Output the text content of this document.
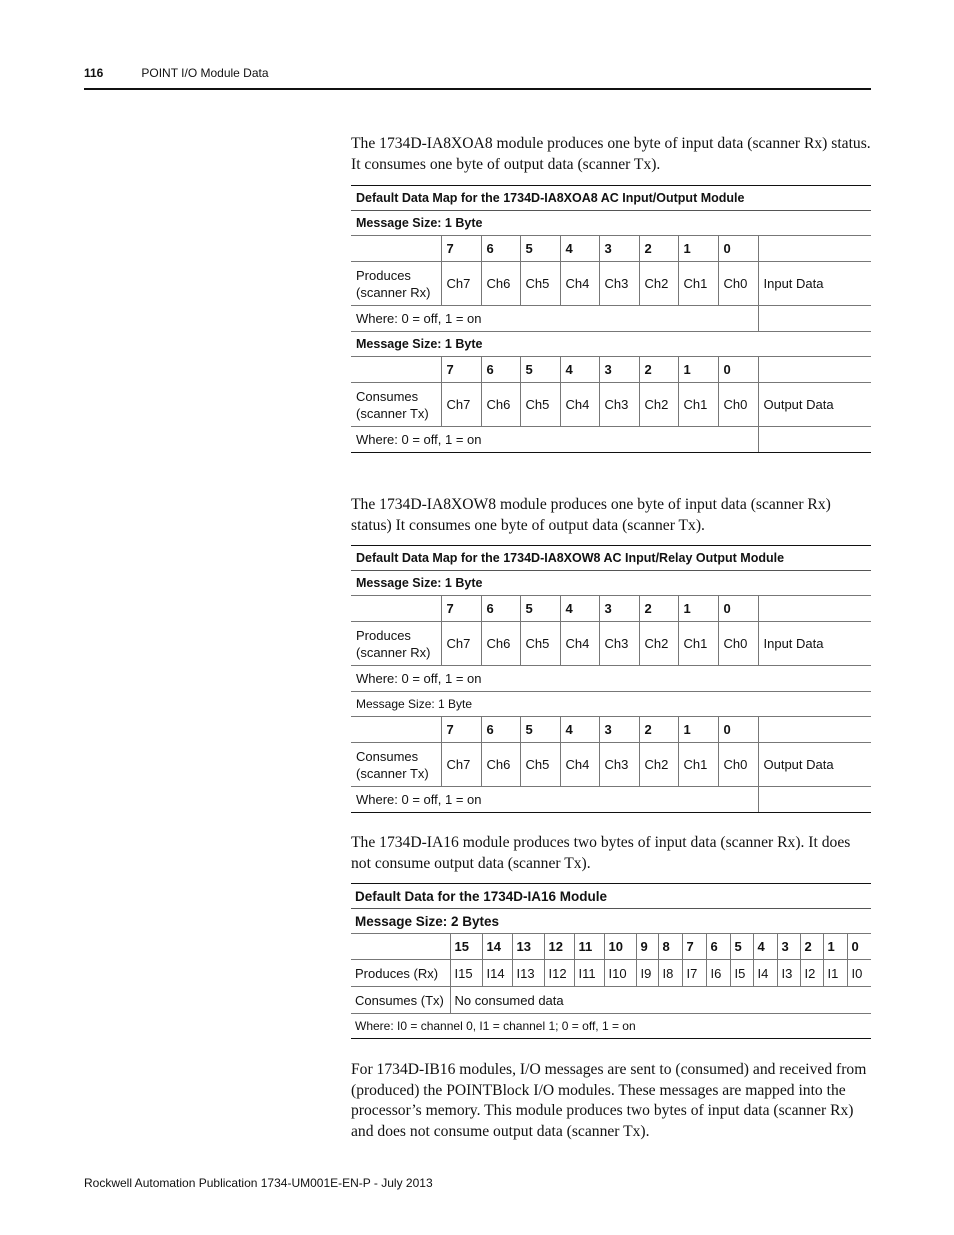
116	POINT I/O Module Data

The 1734D-IA8XOA8 module produces one byte of input data (scanner Rx) status. It consumes one byte of output data (scanner Tx).

Default Data Map for the 1734D-IA8XOA8 AC Input/Output Module									
Message Size: 1 Byte									
	7	6	5	4	3	2	1	0	
Produces
(scanner Rx)	Ch7	Ch6	Ch5	Ch4	Ch3	Ch2	Ch1	Ch0	Input Data
Where: 0 = off, 1 = on									
Message Size: 1 Byte									
	7	6	5	4	3	2	1	0	
Consumes
(scanner Tx)	Ch7	Ch6	Ch5	Ch4	Ch3	Ch2	Ch1	Ch0	Output Data
Where: 0 = off, 1 = on									

The 1734D-IA8XOW8 module produces one byte of input data (scanner Rx) status) It consumes one byte of output data (scanner Tx).

Default Data Map for the 1734D-IA8XOW8 AC Input/Relay Output Module									
Message Size: 1 Byte									
	7	6	5	4	3	2	1	0	
Produces
(scanner Rx)	Ch7	Ch6	Ch5	Ch4	Ch3	Ch2	Ch1	Ch0	Input Data
Where: 0 = off, 1 = on									
Message Size: 1 Byte									
	7	6	5	4	3	2	1	0	
Consumes
(scanner Tx)	Ch7	Ch6	Ch5	Ch4	Ch3	Ch2	Ch1	Ch0	Output Data
Where: 0 = off, 1 = on									

The 1734D-IA16 module produces two bytes of input data (scanner Rx). It does not consume output data (scanner Tx).

Default Data for the 1734D-IA16 Module																
Message Size: 2 Bytes																
	15	14	13	12	11	10	9	8	7	6	5	4	3	2	1	0
Produces (Rx)	I15	I14	I13	I12	I11	I10	I9	I8	I7	I6	I5	I4	I3	I2	I1	I0
Consumes (Tx)	No consumed data															
Where: I0 = channel 0, I1 = channel 1; 0 = off, 1 = on																

For 1734D-IB16 modules, I/O messages are sent to (consumed) and received from (produced) the POINTBlock I/O modules. These messages are mapped into the processor’s memory. This module produces two bytes of input data (scanner Rx) and does not consume output data (scanner Tx).

Rockwell Automation Publication 1734-UM001E-EN-P - July 2013
